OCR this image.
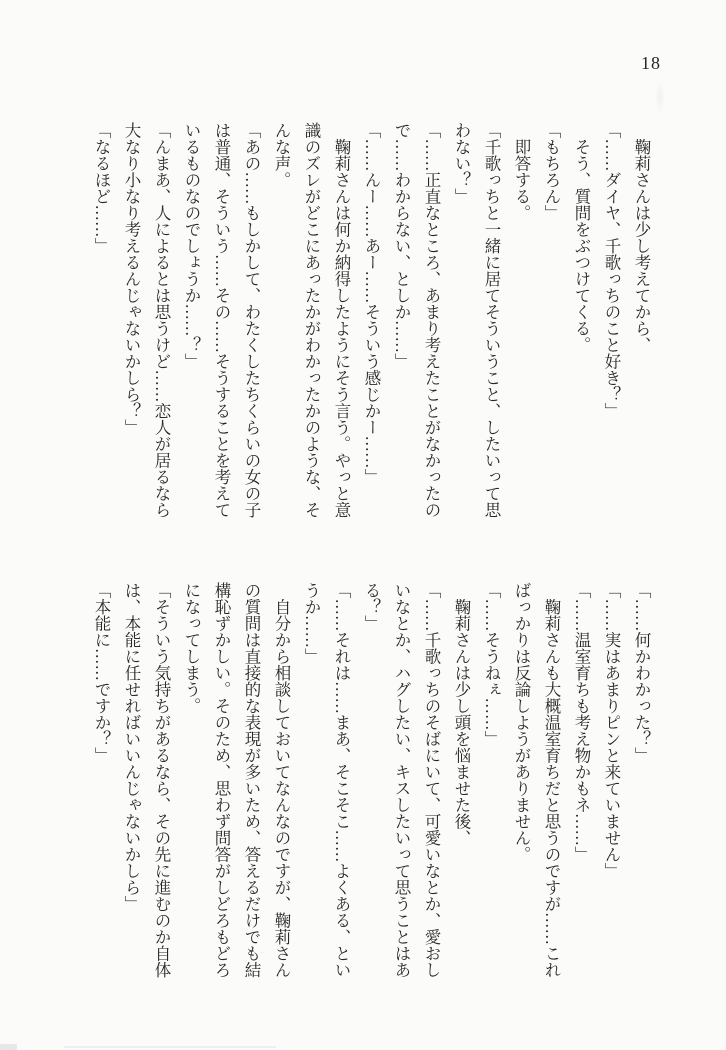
18
　鞠莉さんは少し考えてから、
「……ダイヤ、千歌っちのこと好き？」
　そう、質問をぶつけてくる。
「もちろん」
　即答する。
「千歌っちと一緒に居てそういうこと、したいって思
わない？」
「……正直なところ、あまり考えたことがなかったの
で……わからない、としか……」
「……んー……あー……そういう感じかー……」
　鞠莉さんは何か納得したようにそう言う。やっと意
識のズレがどこにあったかがわかったかのような、そ
んな声。
「あの……もしかして、わたくしたちくらいの女の子
は普通、そういう……その……そうすることを考えて
いるものなのでしょうか……？」
「んまあ、人によるとは思うけど……恋人が居るなら
大なり小なり考えるんじゃないかしら？」
「なるほど……」
「……何かわかった？」
「……実はあまりピンと来ていません」
「……温室育ちも考え物かもネ……」
　鞠莉さんも大概温室育ちだと思うのですが……これ
ばっかりは反論しようがありません。
「……そうねぇ……」
　鞠莉さんは少し頭を悩ませた後、
「……千歌っちのそばにいて、可愛いなとか、愛おし
いなとか、ハグしたい、キスしたいって思うことはあ
る？」
「……それは……まあ、そこそこ……よくある、とい
うか……」
　自分から相談しておいてなんなのですが、鞠莉さん
の質問は直接的な表現が多いため、答えるだけでも結
構恥ずかしい。そのため、思わず問答がしどろもどろ
になってしまう。
「そういう気持ちがあるなら、その先に進むのか自体
は、本能に任せればいいんじゃないかしら」
「本能に……ですか？」
